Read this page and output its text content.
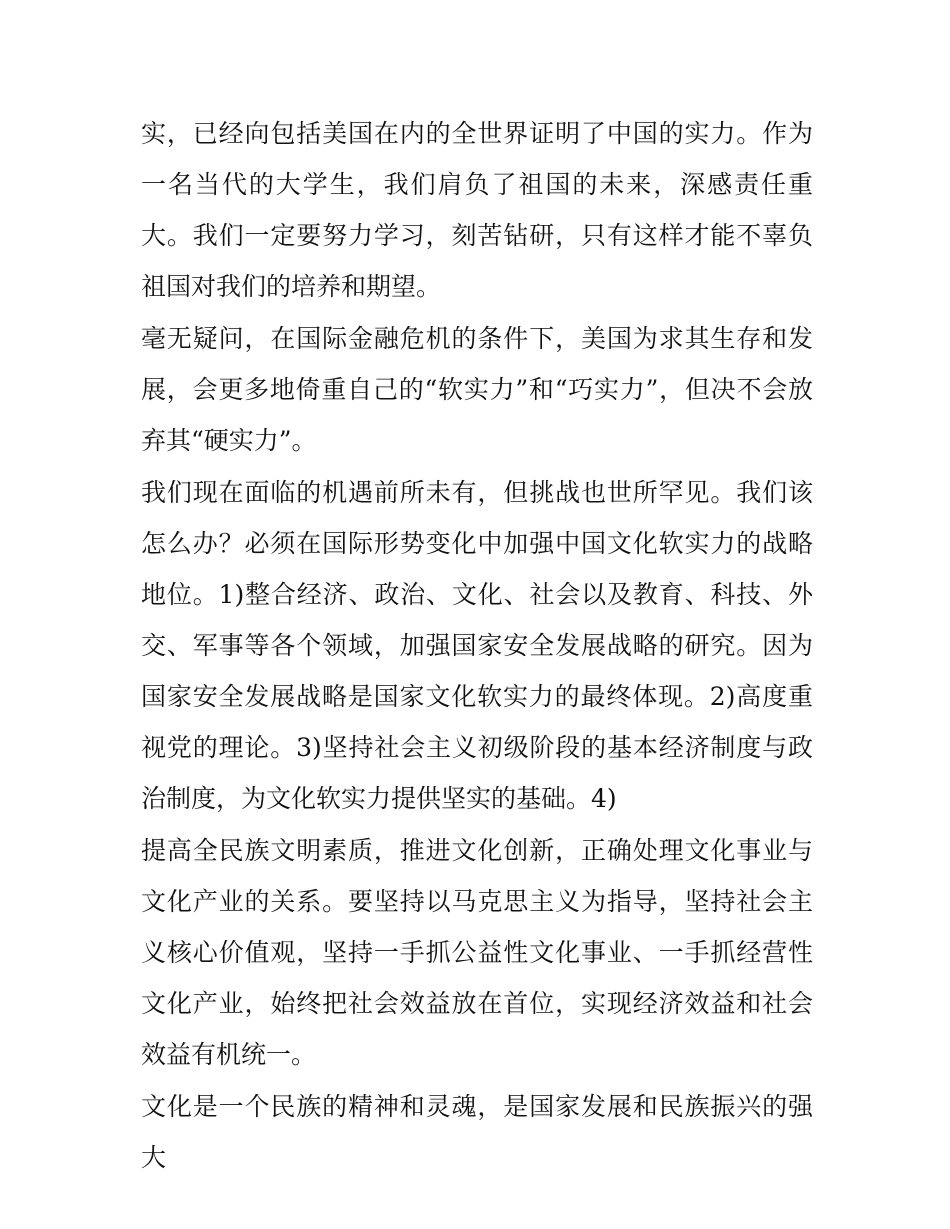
实，已经向包括美国在内的全世界证明了中国的实力。作为一名当代的大学生，我们肩负了祖国的未来，深感责任重大。我们一定要努力学习，刻苦钻研，只有这样才能不辜负祖国对我们的培养和期望。

毫无疑问，在国际金融危机的条件下，美国为求其生存和发展，会更多地倚重自己的“软实力”和“巧实力”，但决不会放弃其“硬实力”。

我们现在面临的机遇前所未有，但挑战也世所罕见。我们该怎么办？必须在国际形势变化中加强中国文化软实力的战略地位。1)整合经济、政治、文化、社会以及教育、科技、外交、军事等各个领域，加强国家安全发展战略的研究。因为国家安全发展战略是国家文化软实力的最终体现。2)高度重视党的理论。3)坚持社会主义初级阶段的基本经济制度与政治制度，为文化软实力提供坚实的基础。4)

提高全民族文明素质，推进文化创新，正确处理文化事业与文化产业的关系。要坚持以马克思主义为指导，坚持社会主义核心价值观，坚持一手抓公益性文化事业、一手抓经营性文化产业，始终把社会效益放在首位，实现经济效益和社会效益有机统一。

文化是一个民族的精神和灵魂，是国家发展和民族振兴的强大
